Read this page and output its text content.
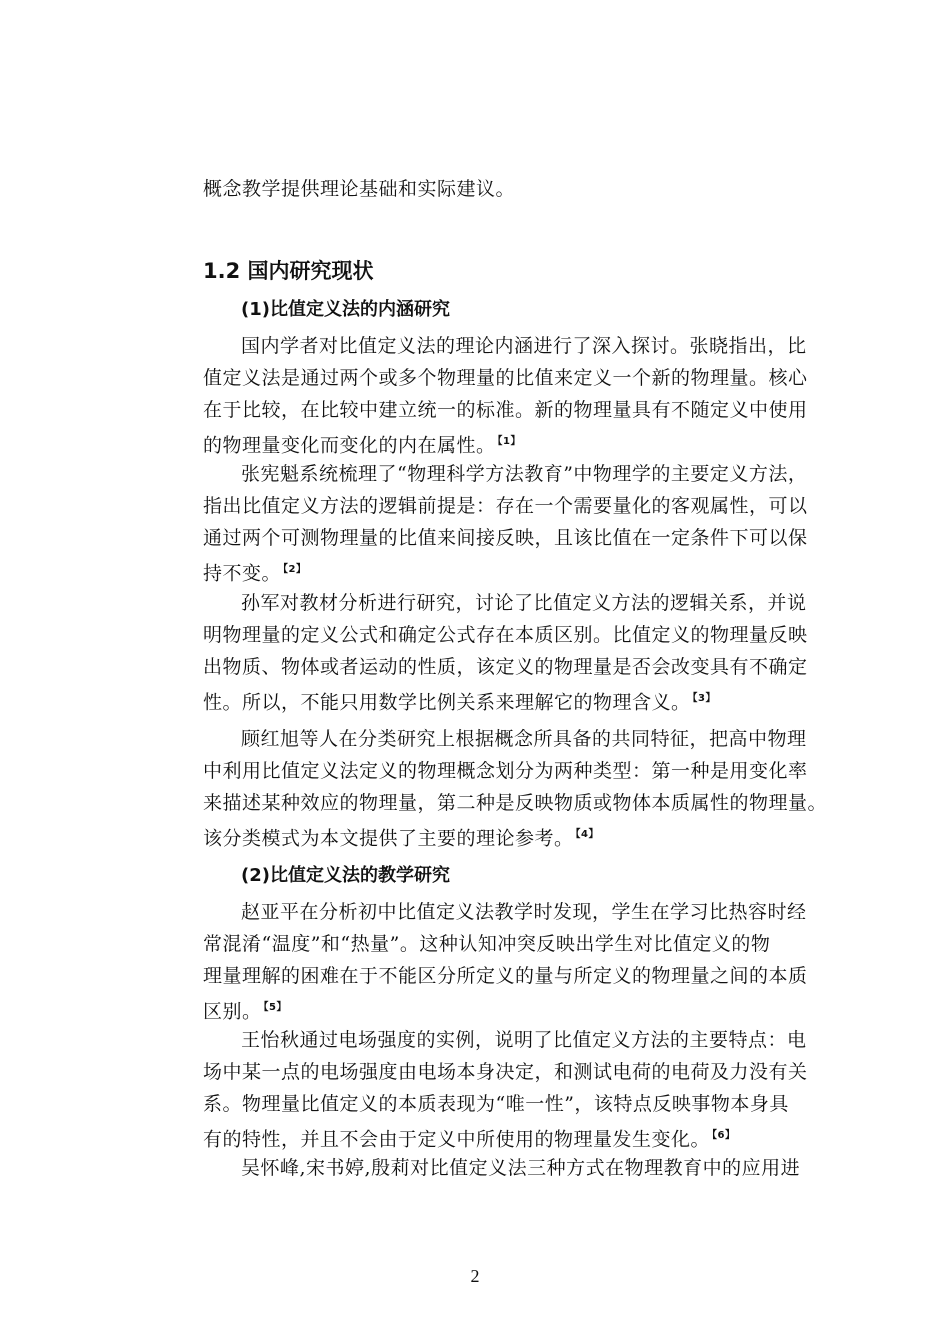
概念教学提供理论基础和实际建议。
1.2 国内研究现状
(1)比值定义法的内涵研究
国内学者对比值定义法的理论内涵进行了深入探讨。张晓指出，比
值定义法是通过两个或多个物理量的比值来定义一个新的物理量。核心
在于比较，在比较中建立统一的标准。新的物理量具有不随定义中使用
的物理量变化而变化的内在属性。 $^{【1】}$
张宪魁系统梳理了“物理科学方法教育”中物理学的主要定义方法，
指出比值定义方法的逻辑前提是：存在一个需要量化的客观属性，可以
通过两个可测物理量的比值来间接反映，且该比值在一定条件下可以保
持不变。 $^{【2】}$
孙军对教材分析进行研究，讨论了比值定义方法的逻辑关系，并说
明物理量的定义公式和确定公式存在本质区别。比值定义的物理量反映
出物质、物体或者运动的性质，该定义的物理量是否会改变具有不确定
性。所以，不能只用数学比例关系来理解它的物理含义。 $^{【3】}$
顾红旭等人在分类研究上根据概念所具备的共同特征，把高中物理
中利用比值定义法定义的物理概念划分为两种类型：第一种是用变化率
来描述某种效应的物理量，第二种是反映物质或物体本质属性的物理量。
该分类模式为本文提供了主要的理论参考。 $^{【4】}$
(2)比值定义法的教学研究
赵亚平在分析初中比值定义法教学时发现，学生在学习比热容时经
常混淆“温度”和“热量”。这种认知冲突反映出学生对比值定义的物
理量理解的困难在于不能区分所定义的量与所定义的物理量之间的本质
区别。 $^{【5】}$
王怡秋通过电场强度的实例，说明了比值定义方法的主要特点：电
场中某一点的电场强度由电场本身决定，和测试电荷的电荷及力没有关
系。物理量比值定义的本质表现为“唯一性”，该特点反映事物本身具
有的特性，并且不会由于定义中所使用的物理量发生变化。 $^{【6】}$
吴怀峰,宋书婷,殷莉对比值定义法三种方式在物理教育中的应用进
2
